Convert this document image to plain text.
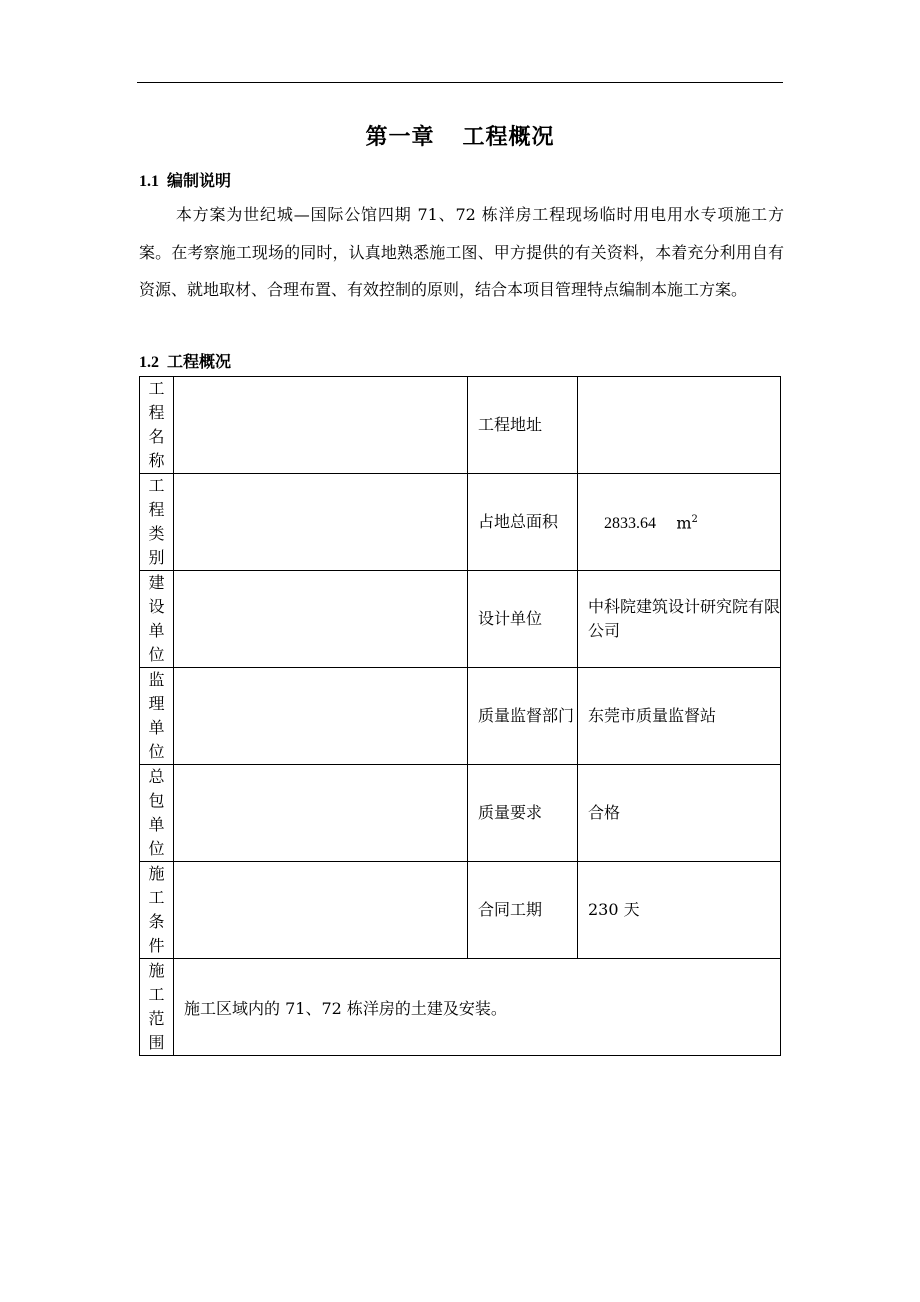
第一章 工程概况
1.1 编制说明
本方案为世纪城—国际公馆四期 71、72 栋洋房工程现场临时用电用水专项施工方案。在考察施工现场的同时，认真地熟悉施工图、甲方提供的有关资料，本着充分利用自有资源、就地取材、合理布置、有效控制的原则，结合本项目管理特点编制本施工方案。
1.2 工程概况
工程名称		工程地址	

工程类别		占地总面积	2833.64 $m^2$

建设单位		设计单位	中科院建筑设计研究院有限公司

监理单位		质量监督部门	东莞市质量监督站

总包单位		质量要求	合格

施工条件		合同工期	230 天

施工范围	施工区域内的 71、72 栋洋房的土建及安装。		
